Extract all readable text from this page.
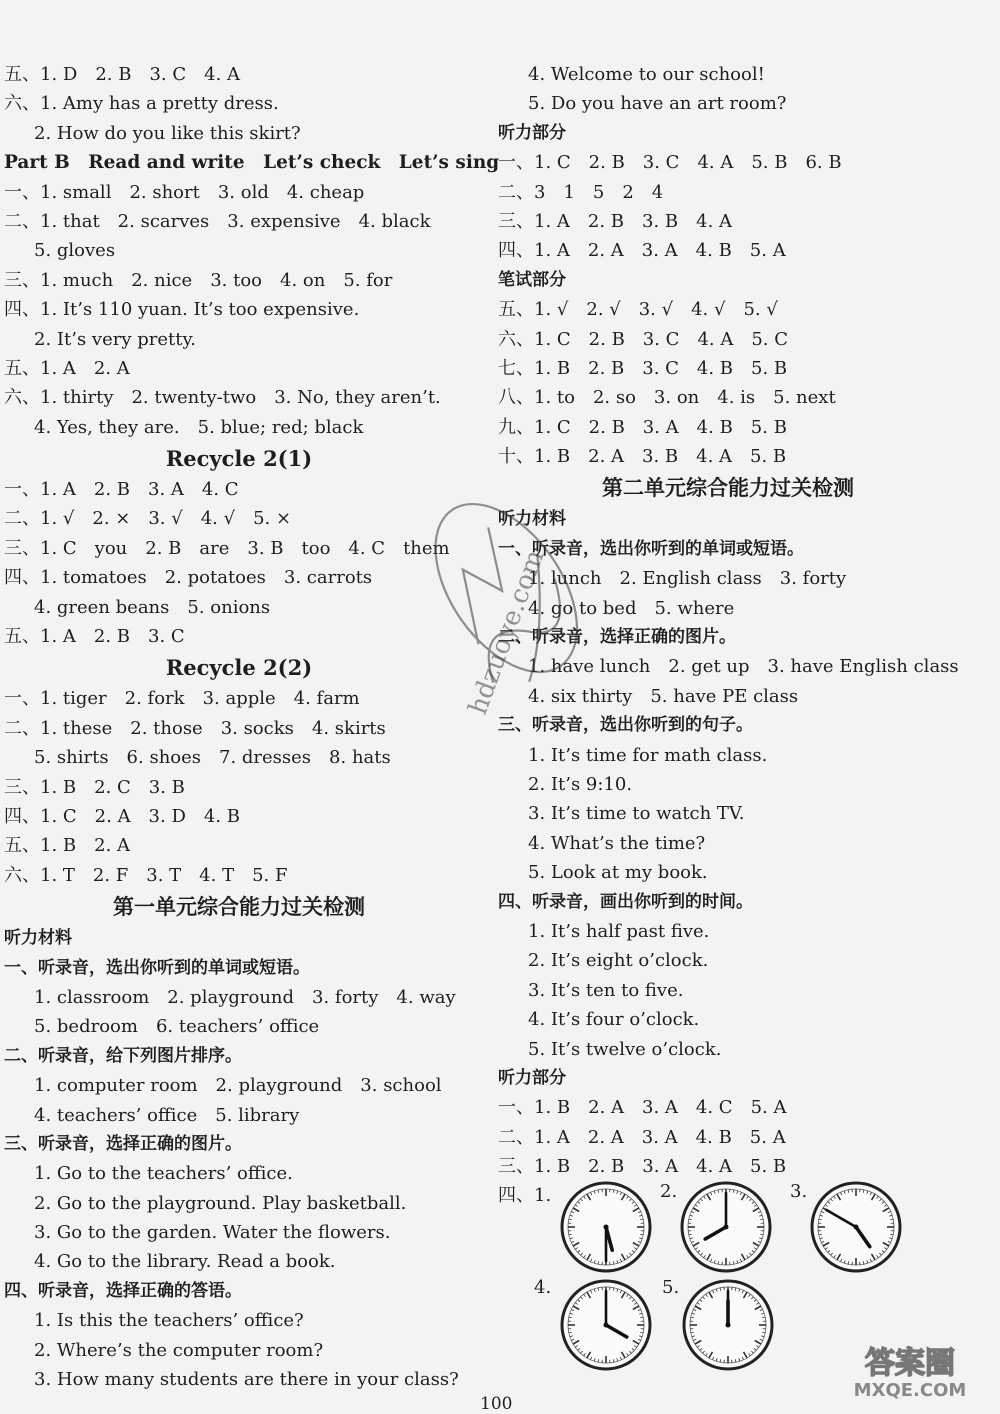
五、1. D　2. B　3. C　4. A
六、1. Amy has a pretty dress.
2. How do you like this skirt?
Part B　Read and write　Let’s check　Let’s sing
一、1. small　2. short　3. old　4. cheap
二、1. that　2. scarves　3. expensive　4. black
5. gloves
三、1. much　2. nice　3. too　4. on　5. for
四、1. It’s 110 yuan. It’s too expensive.
2. It’s very pretty.
五、1. A　2. A
六、1. thirty　2. twenty-two　3. No, they aren’t.
4. Yes, they are.　5. blue; red; black
Recycle 2(1)
一、1. A　2. B　3. A　4. C
二、1. √　2. ×　3. √　4. √　5. ×
三、1. C　you　2. B　are　3. B　too　4. C　them
四、1. tomatoes　2. potatoes　3. carrots
4. green beans　5. onions
五、1. A　2. B　3. C
Recycle 2(2)
一、1. tiger　2. fork　3. apple　4. farm
二、1. these　2. those　3. socks　4. skirts
5. shirts　6. shoes　7. dresses　8. hats
三、1. B　2. C　3. B
四、1. C　2. A　3. D　4. B
五、1. B　2. A
六、1. T　2. F　3. T　4. T　5. F
第一单元综合能力过关检测
听力材料
一、听录音，选出你听到的单词或短语。
1. classroom　2. playground　3. forty　4. way
5. bedroom　6. teachers’ office
二、听录音，给下列图片排序。
1. computer room　2. playground　3. school
4. teachers’ office　5. library
三、听录音，选择正确的图片。
1. Go to the teachers’ office.
2. Go to the playground. Play basketball.
3. Go to the garden. Water the flowers.
4. Go to the library. Read a book.
四、听录音，选择正确的答语。
1. Is this the teachers’ office?
2. Where’s the computer room?
3. How many students are there in your class?
4. Welcome to our school!
5. Do you have an art room?
听力部分
一、1. C　2. B　3. C　4. A　5. B　6. B
二、3　1　5　2　4
三、1. A　2. B　3. B　4. A
四、1. A　2. A　3. A　4. B　5. A
笔试部分
五、1. √　2. √　3. √　4. √　5. √
六、1. C　2. B　3. C　4. A　5. C
七、1. B　2. B　3. C　4. B　5. B
八、1. to　2. so　3. on　4. is　5. next
九、1. C　2. B　3. A　4. B　5. B
十、1. B　2. A　3. B　4. A　5. B
第二单元综合能力过关检测
听力材料
一、听录音，选出你听到的单词或短语。
1. lunch　2. English class　3. forty
4. go to bed　5. where
二、听录音，选择正确的图片。
1. have lunch　2. get up　3. have English class
4. six thirty　5. have PE class
三、听录音，选出你听到的句子。
1. It’s time for math class.
2. It’s 9:10.
3. It’s time to watch TV.
4. What’s the time?
5. Look at my book.
四、听录音，画出你听到的时间。
1. It’s half past five.
2. It’s eight o’clock.
3. It’s ten to five.
4. It’s four o’clock.
5. It’s twelve o’clock.
听力部分
一、1. B　2. A　3. A　4. C　5. A
二、1. A　2. A　3. A　4. B　5. A
三、1. B　2. B　3. A　4. A　5. B
四、1.	2.	3.
4.	5.
hdzuoye.com
100
答案圈
MXQE.COM
